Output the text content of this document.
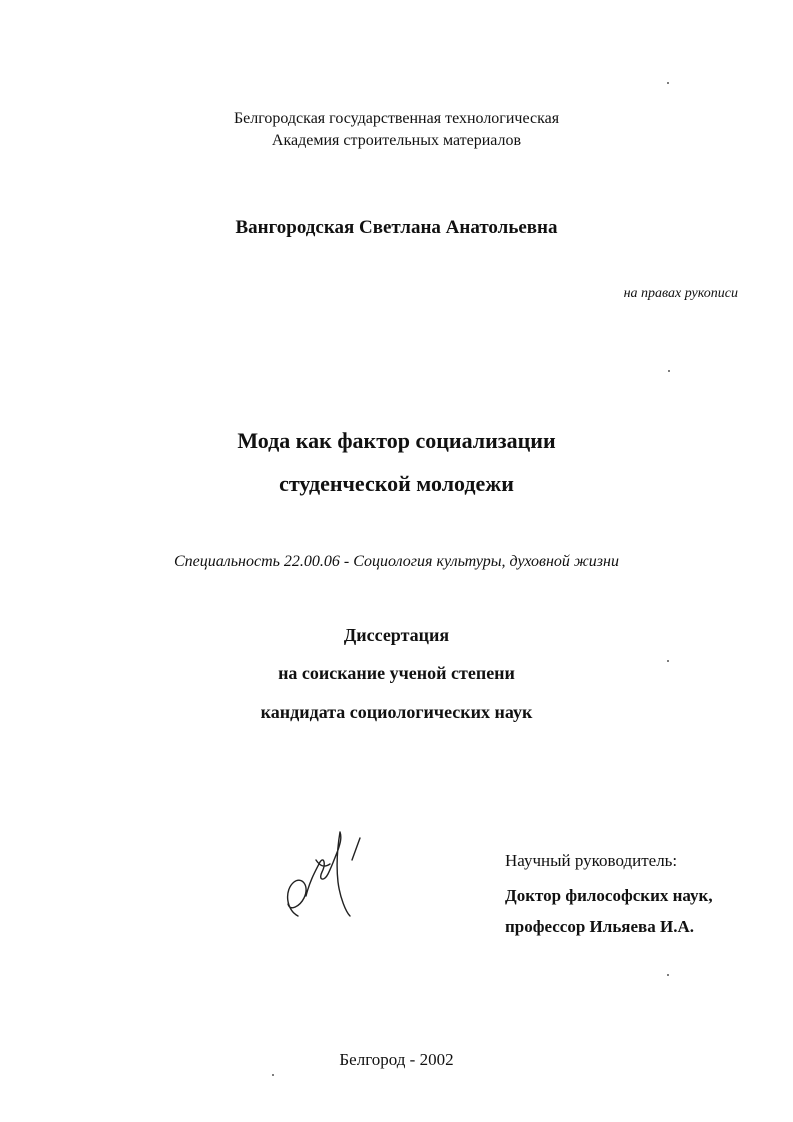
Белгородская государственная технологическая
Академия строительных материалов
Вангородская Светлана Анатольевна
на правах рукописи
Мода как фактор социализации
студенческой молодежи
Специальность 22.00.06 - Социология культуры, духовной жизни
Диссертация
на соискание ученой степени
кандидата социологических наук
Научный руководитель:
Доктор философских наук,
профессор Ильяева И.А.
Белгород - 2002
